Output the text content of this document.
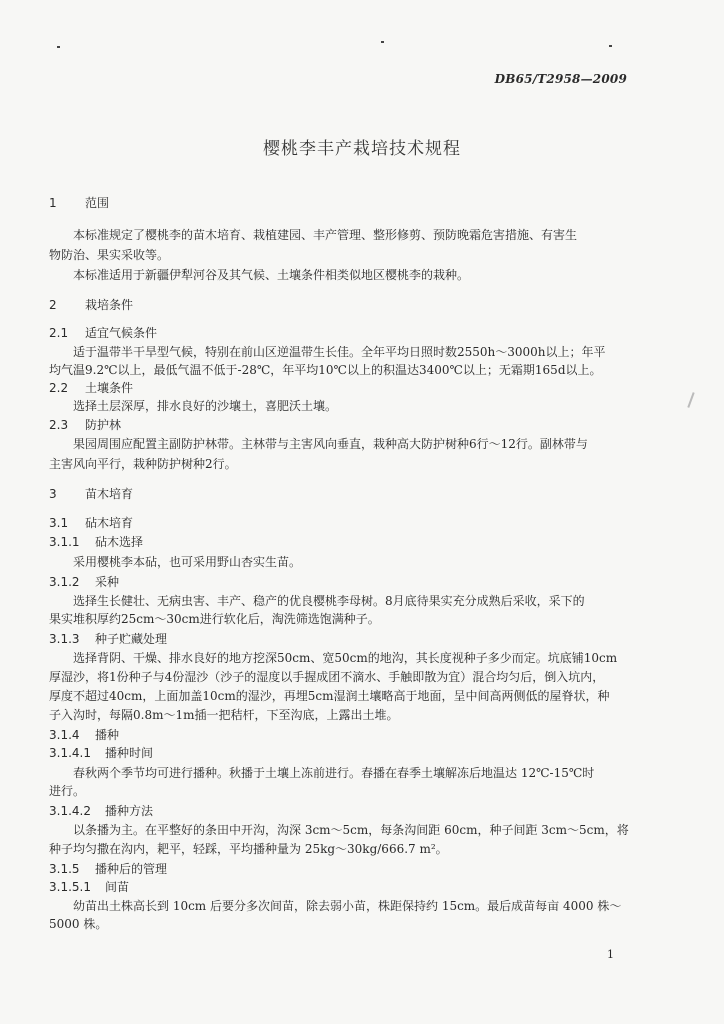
DB65/T2958—2009
樱桃李丰产栽培技术规程
1 范围
本标准规定了樱桃李的苗木培育、栽植建园、丰产管理、整形修剪、预防晚霜危害措施、有害生
物防治、果实采收等。
本标准适用于新疆伊犁河谷及其气候、土壤条件相类似地区樱桃李的栽种。
2 栽培条件
2.1 适宜气候条件
适于温带半干旱型气候，特别在前山区逆温带生长佳。全年平均日照时数2550h～3000h以上；年平
均气温9.2℃以上，最低气温不低于-28℃，年平均10℃以上的积温达3400℃以上；无霜期165d以上。
2.2 土壤条件
选择土层深厚，排水良好的沙壤土，喜肥沃土壤。
2.3 防护林
果园周围应配置主副防护林带。主林带与主害风向垂直，栽种高大防护树种6行～12行。副林带与
主害风向平行，栽种防护树种2行。
3 苗木培育
3.1 砧木培育
3.1.1 砧木选择
采用樱桃李本砧，也可采用野山杏实生苗。
3.1.2 采种
选择生长健壮、无病虫害、丰产、稳产的优良樱桃李母树。8月底待果实充分成熟后采收，采下的
果实堆积厚约25cm～30cm进行软化后，淘洗筛选饱满种子。
3.1.3 种子贮藏处理
选择背阴、干燥、排水良好的地方挖深50cm、宽50cm的地沟，其长度视种子多少而定。坑底铺10cm
厚湿沙，将1份种子与4份湿沙（沙子的湿度以手握成团不滴水、手触即散为宜）混合均匀后，倒入坑内，
厚度不超过40cm，上面加盖10cm的湿沙，再埋5cm湿润土壤略高于地面，呈中间高两侧低的屋脊状，种
子入沟时，每隔0.8m～1m插一把秸杆，下至沟底，上露出土堆。
3.1.4 播种
3.1.4.1 播种时间
春秋两个季节均可进行播种。秋播于土壤上冻前进行。春播在春季土壤解冻后地温达 12℃-15℃时
进行。
3.1.4.2 播种方法
以条播为主。在平整好的条田中开沟，沟深 3cm～5cm，每条沟间距 60cm，种子间距 3cm～5cm，将
种子均匀撒在沟内，耙平，轻踩，平均播种量为 25kg～30kg/666.7 m²。
3.1.5 播种后的管理
3.1.5.1 间苗
幼苗出土株高长到 10cm 后要分多次间苗，除去弱小苗，株距保持约 15cm。最后成苗每亩 4000 株～
5000 株。
1
